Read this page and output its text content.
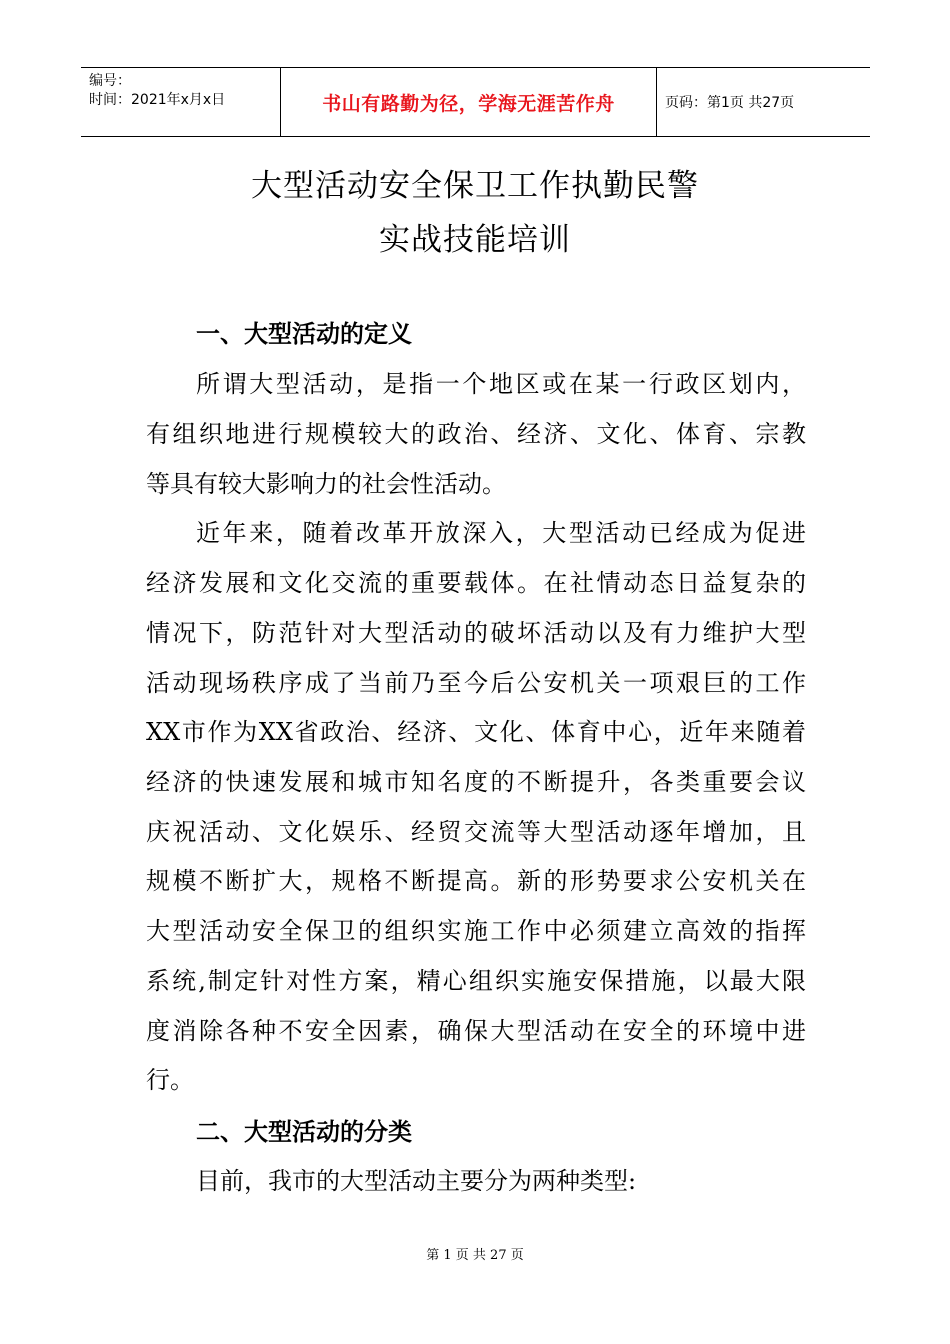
编号：
时间：2021年x月x日	书山有路勤为径，学海无涯苦作舟	页码：第1页 共27页
大型活动安全保卫工作执勤民警
实战技能培训
一、大型活动的定义
所谓大型活动，是指一个地区或在某一行政区划内，
有组织地进行规模较大的政治、经济、文化、体育、宗教
等具有较大影响力的社会性活动。
近年来，随着改革开放深入，大型活动已经成为促进
经济发展和文化交流的重要载体。在社情动态日益复杂的
情况下，防范针对大型活动的破坏活动以及有力维护大型
活动现场秩序成了当前乃至今后公安机关一项艰巨的工作
XX市作为XX省政治、经济、文化、体育中心，近年来随着
经济的快速发展和城市知名度的不断提升，各类重要会议
庆祝活动、文化娱乐、经贸交流等大型活动逐年增加，且
规模不断扩大，规格不断提高。新的形势要求公安机关在
大型活动安全保卫的组织实施工作中必须建立高效的指挥
系统,制定针对性方案，精心组织实施安保措施，以最大限
度消除各种不安全因素，确保大型活动在安全的环境中进
行。
二、大型活动的分类
目前，我市的大型活动主要分为两种类型:
第 1 页 共 27 页
